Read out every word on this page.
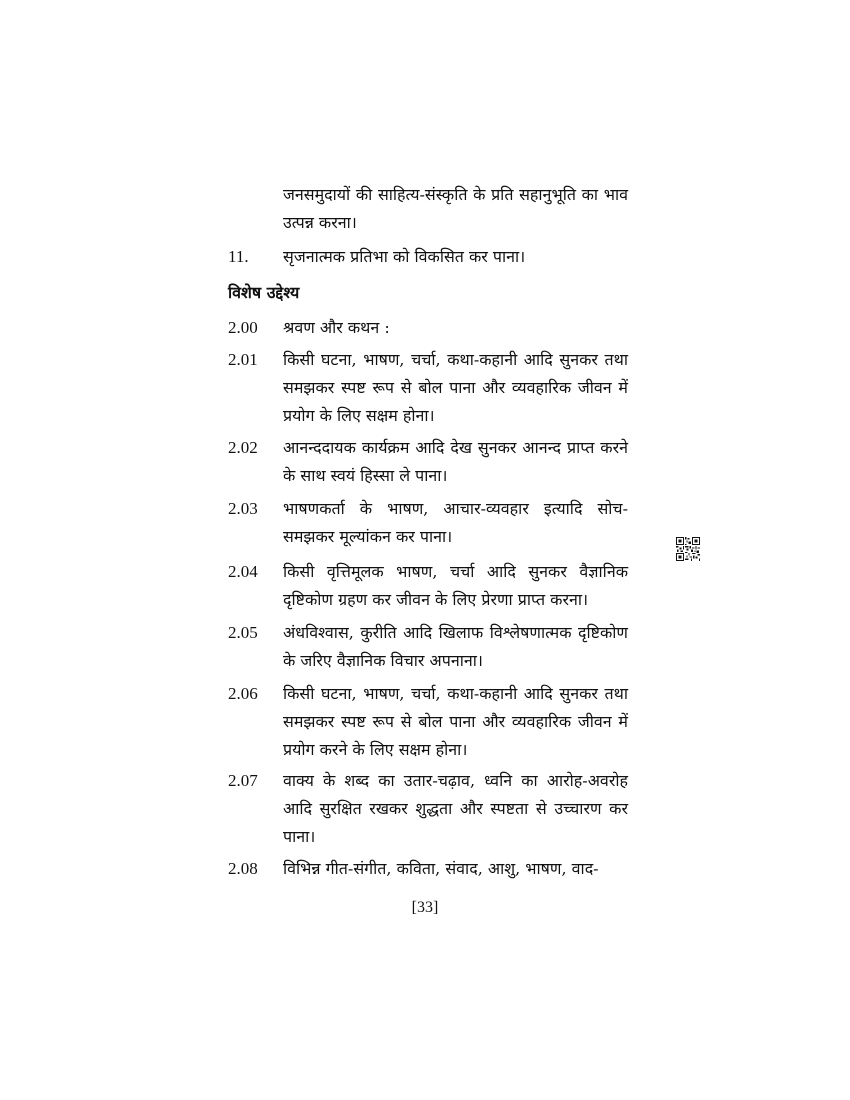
जनसमुदायों की साहित्य-संस्कृति के प्रति सहानुभूति का भाव उत्पन्न करना।
11.	सृजनात्मक प्रतिभा को विकसित कर पाना।
विशेष उद्देश्य
2.00	श्रवण और कथन :
2.01	किसी घटना, भाषण, चर्चा, कथा-कहानी आदि सुनकर तथा समझकर स्पष्ट रूप से बोल पाना और व्यवहारिक जीवन में प्रयोग के लिए सक्षम होना।
2.02	आनन्ददायक कार्यक्रम आदि देख सुनकर आनन्द प्राप्त करने के साथ स्वयं हिस्सा ले पाना।
2.03	भाषणकर्ता के भाषण, आचार-व्यवहार इत्यादि सोच-समझकर मूल्यांकन कर पाना।
2.04	किसी वृत्तिमूलक भाषण, चर्चा आदि सुनकर वैज्ञानिक दृष्टिकोण ग्रहण कर जीवन के लिए प्रेरणा प्राप्त करना।
2.05	अंधविश्वास, कुरीति आदि खिलाफ विश्लेषणात्मक दृष्टिकोण के जरिए वैज्ञानिक विचार अपनाना।
2.06	किसी घटना, भाषण, चर्चा, कथा-कहानी आदि सुनकर तथा समझकर स्पष्ट रूप से बोल पाना और व्यवहारिक जीवन में प्रयोग करने के लिए सक्षम होना।
2.07	वाक्य के शब्द का उतार-चढ़ाव, ध्वनि का आरोह-अवरोह आदि सुरक्षित रखकर शुद्धता और स्पष्टता से उच्चारण कर पाना।
2.08	विभिन्न गीत-संगीत, कविता, संवाद, आशु, भाषण, वाद-
[33]
